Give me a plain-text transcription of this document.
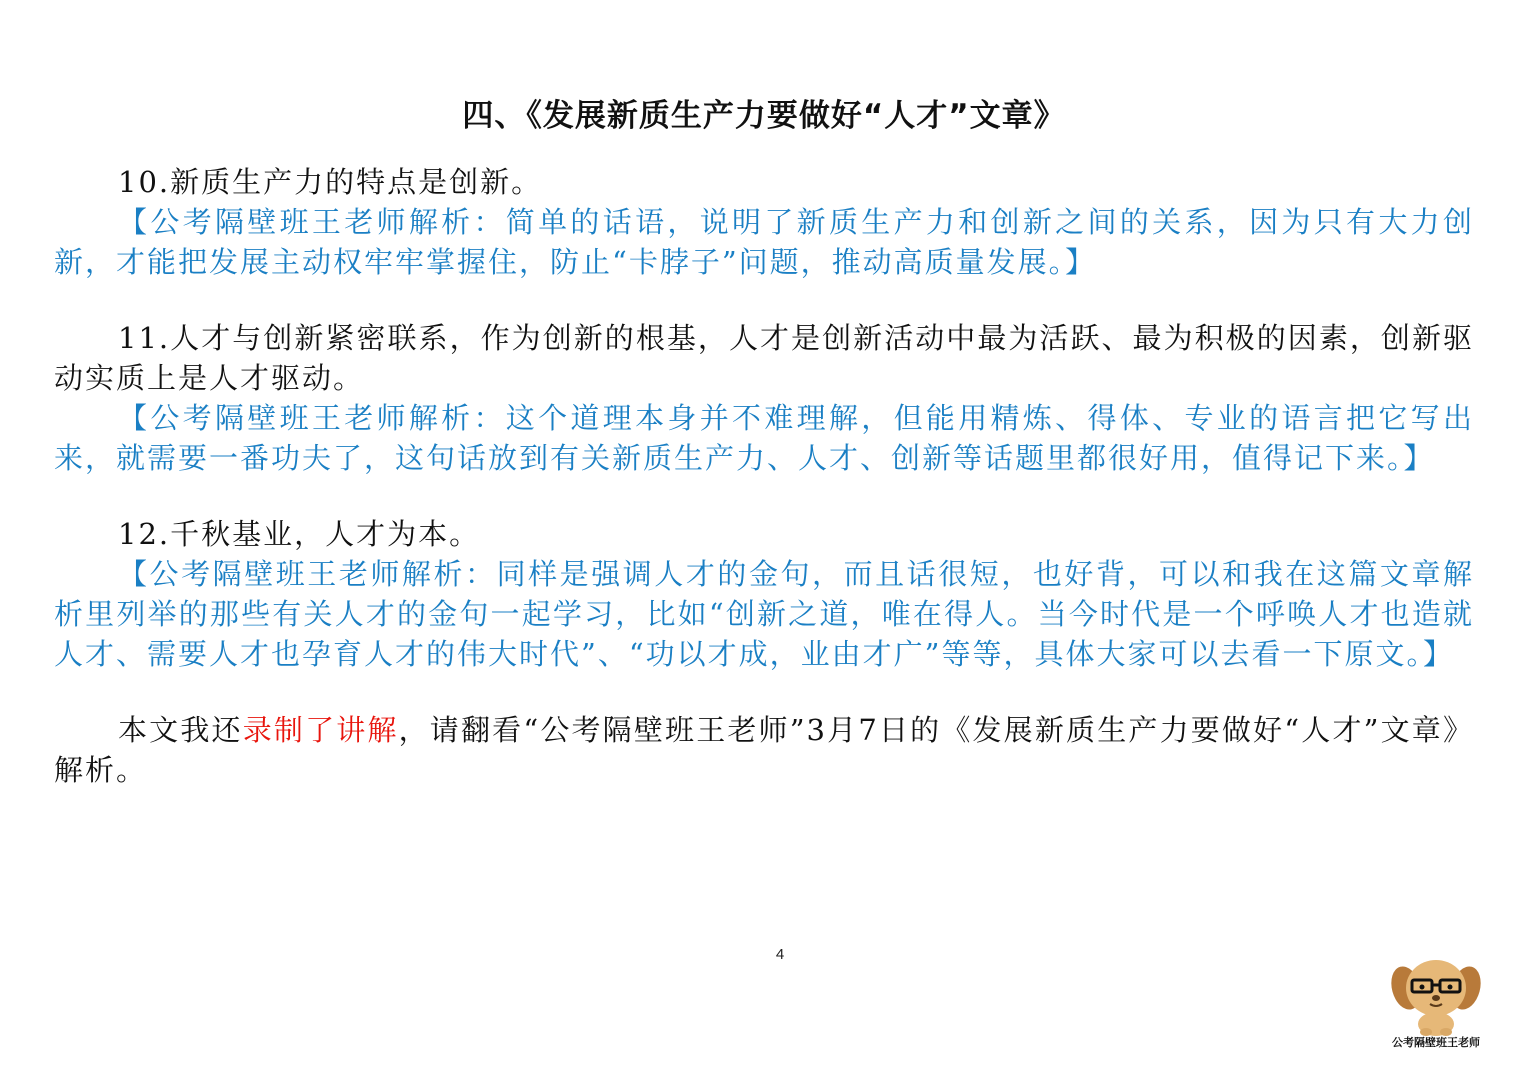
四、《发展新质生产力要做好“人才”文章》

10.新质生产力的特点是创新。

【公考隔壁班王老师解析：简单的话语，说明了新质生产力和创新之间的关系，因为只有大力创新，才能把发展主动权牢牢掌握住，防止“卡脖子”问题，推动高质量发展。】

11.人才与创新紧密联系，作为创新的根基，人才是创新活动中最为活跃、最为积极的因素，创新驱动实质上是人才驱动。

【公考隔壁班王老师解析：这个道理本身并不难理解，但能用精炼、得体、专业的语言把它写出来，就需要一番功夫了，这句话放到有关新质生产力、人才、创新等话题里都很好用，值得记下来。】

12.千秋基业，人才为本。

【公考隔壁班王老师解析：同样是强调人才的金句，而且话很短，也好背，可以和我在这篇文章解析里列举的那些有关人才的金句一起学习，比如“创新之道，唯在得人。当今时代是一个呼唤人才也造就人才、需要人才也孕育人才的伟大时代”、“功以才成，业由才广”等等，具体大家可以去看一下原文。】

本文我还录制了讲解，请翻看“公考隔壁班王老师”3月7日的《发展新质生产力要做好“人才”文章》解析。

4
公考隔壁班王老师
